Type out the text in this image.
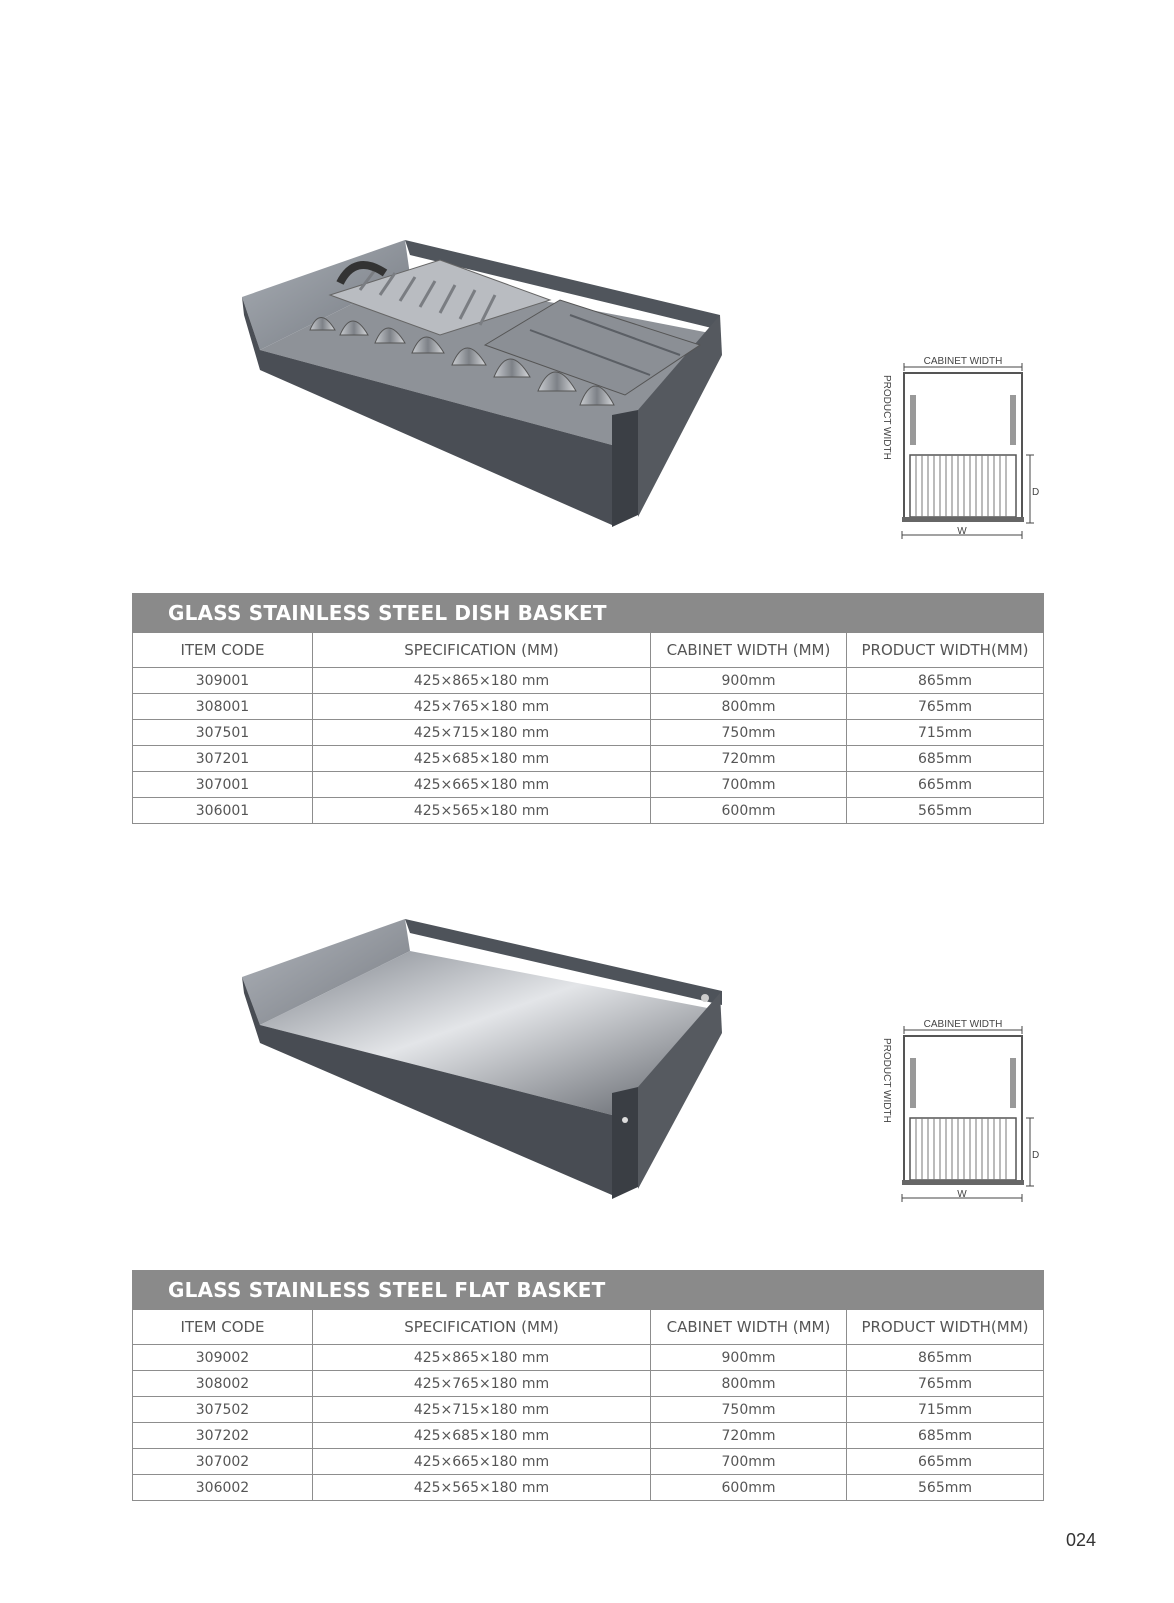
CABINET WIDTH
PRODUCT WIDTH
D
W
GLASS STAINLESS STEEL DISH BASKET			
ITEM CODE	SPECIFICATION (MM)	CABINET WIDTH (MM)	PRODUCT WIDTH(MM)
309001	425×865×180 mm	900mm	865mm
308001	425×765×180 mm	800mm	765mm
307501	425×715×180 mm	750mm	715mm
307201	425×685×180 mm	720mm	685mm
307001	425×665×180 mm	700mm	665mm
306001	425×565×180 mm	600mm	565mm
CABINET WIDTH
PRODUCT WIDTH
D
W
GLASS STAINLESS STEEL FLAT BASKET			
ITEM CODE	SPECIFICATION (MM)	CABINET WIDTH (MM)	PRODUCT WIDTH(MM)
309002	425×865×180 mm	900mm	865mm
308002	425×765×180 mm	800mm	765mm
307502	425×715×180 mm	750mm	715mm
307202	425×685×180 mm	720mm	685mm
307002	425×665×180 mm	700mm	665mm
306002	425×565×180 mm	600mm	565mm
024
